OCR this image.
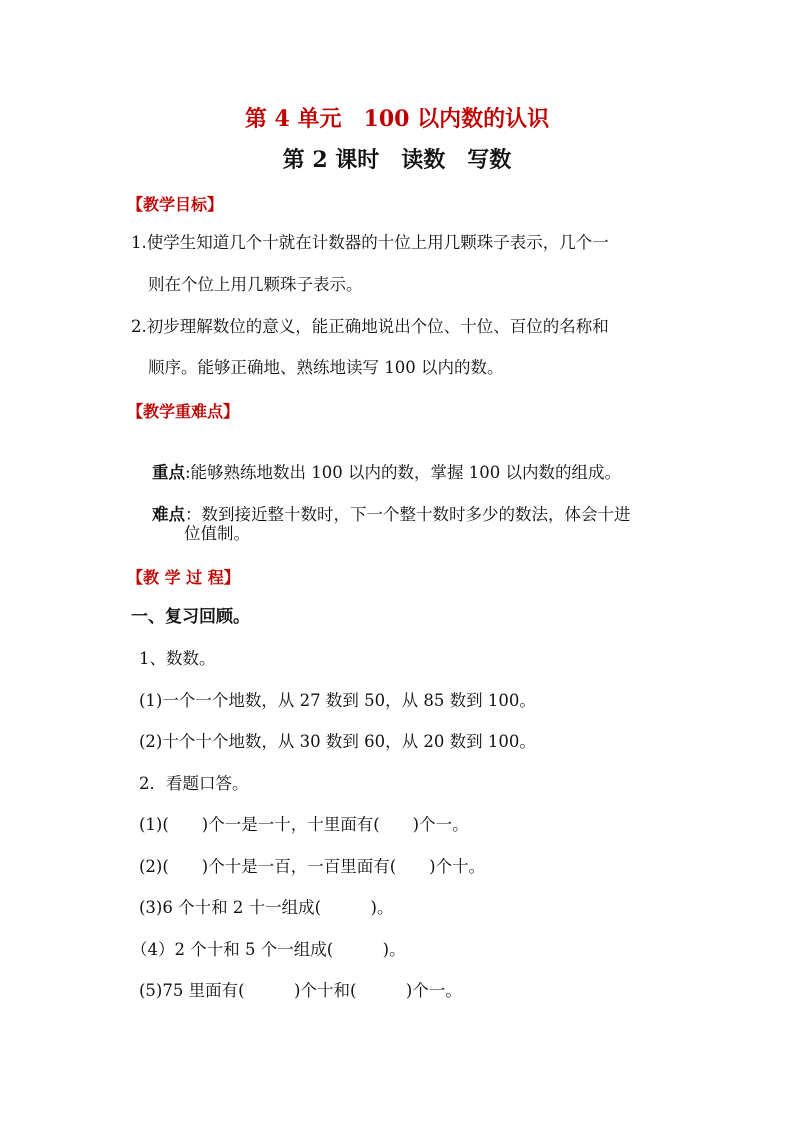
第 4 单元　100 以内数的认识
第 2 课时　读数　写数
【教学目标】
1.使学生知道几个十就在计数器的十位上用几颗珠子表示，几个一
则在个位上用几颗珠子表示。
2.初步理解数位的意义，能正确地说出个位、十位、百位的名称和
顺序。能够正确地、熟练地读写 100 以内的数。
【教学重难点】

重点:能够熟练地数出 100 以内的数，掌握 100 以内数的组成。

难点：数到接近整十数时，下一个整十数时多少的数法，体会十进

位值制。
【教 学 过 程】
一、复习回顾。
1、数数。
(1)一个一个地数，从 27 数到 50，从 85 数到 100。
(2)十个十个地数，从 30 数到 60，从 20 数到 100。
2．看题口答。
(1)(　　)个一是一十，十里面有(　　)个一。
(2)(　　)个十是一百，一百里面有(　　)个十。
(3)6 个十和 2 十一组成(　　　)。
（4）2 个十和 5 个一组成(　　　)。
(5)75 里面有(　　　)个十和(　　　)个一。
